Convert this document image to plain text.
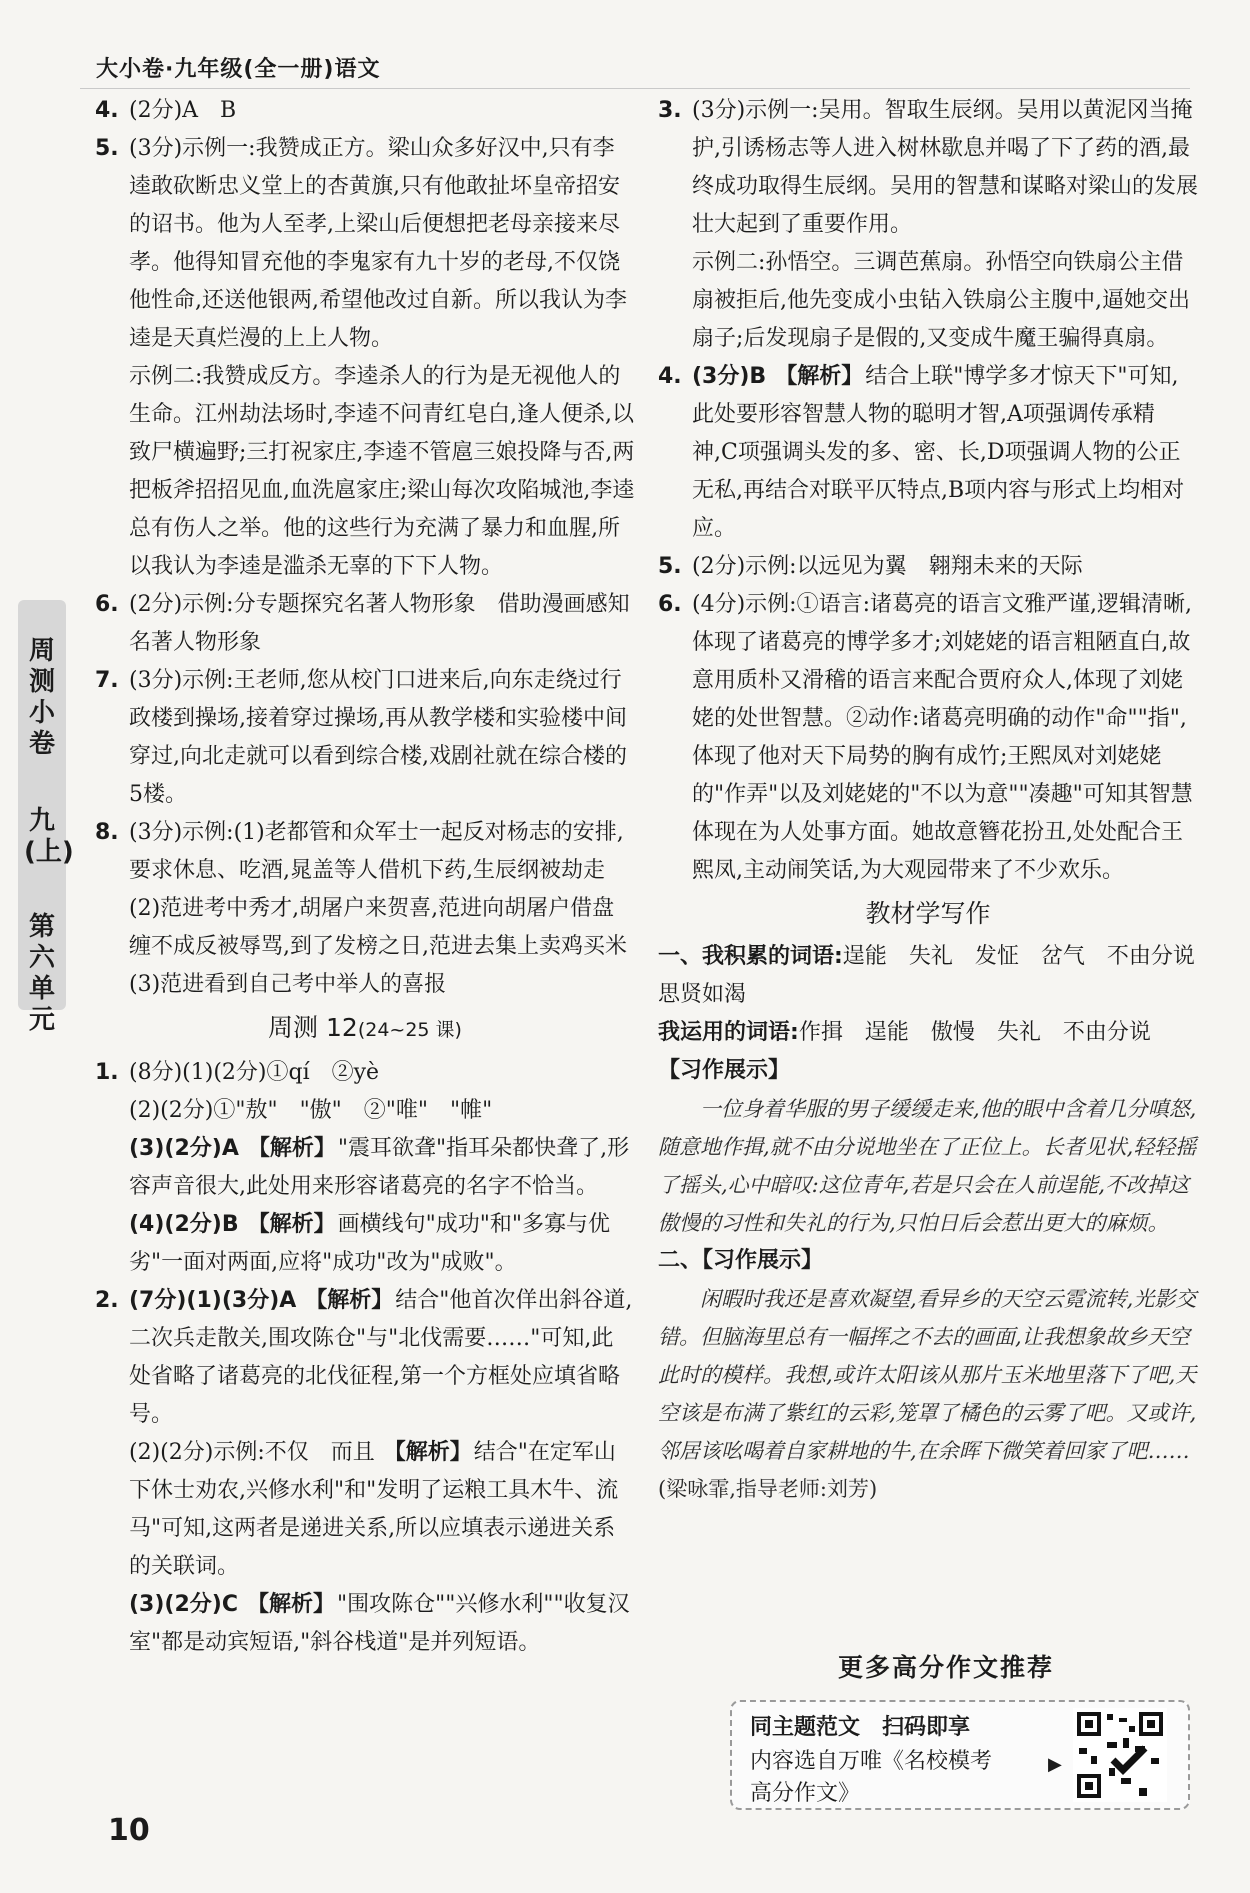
大小卷·九年级(全一册)语文
周测小卷
九(上)
第六单元
4. (2分)A　B
5. (3分)示例一:我赞成正方。梁山众多好汉中,只有李逵敢砍断忠义堂上的杏黄旗,只有他敢扯坏皇帝招安的诏书。他为人至孝,上梁山后便想把老母亲接来尽孝。他得知冒充他的李鬼家有九十岁的老母,不仅饶他性命,还送他银两,希望他改过自新。所以我认为李逵是天真烂漫的上上人物。
示例二:我赞成反方。李逵杀人的行为是无视他人的生命。江州劫法场时,李逵不问青红皂白,逢人便杀,以致尸横遍野;三打祝家庄,李逵不管扈三娘投降与否,两把板斧招招见血,血洗扈家庄;梁山每次攻陷城池,李逵总有伤人之举。他的这些行为充满了暴力和血腥,所以我认为李逵是滥杀无辜的下下人物。
6. (2分)示例:分专题探究名著人物形象　借助漫画感知名著人物形象
7. (3分)示例:王老师,您从校门口进来后,向东走绕过行政楼到操场,接着穿过操场,再从教学楼和实验楼中间穿过,向北走就可以看到综合楼,戏剧社就在综合楼的5楼。
8. (3分)示例:(1)老都管和众军士一起反对杨志的安排,要求休息、吃酒,晁盖等人借机下药,生辰纲被劫走　(2)范进考中秀才,胡屠户来贺喜,范进向胡屠户借盘缠不成反被辱骂,到了发榜之日,范进去集上卖鸡买米　(3)范进看到自己考中举人的喜报
周测 12(24~25 课)
1. (8分)(1)(2分)①qí　②yè
(2)(2分)①"敖"　"傲"　②"唯"　"帷"
(3)(2分)A 【解析】"震耳欲聋"指耳朵都快聋了,形容声音很大,此处用来形容诸葛亮的名字不恰当。
(4)(2分)B 【解析】画横线句"成功"和"多寡与优劣"一面对两面,应将"成功"改为"成败"。
2. (7分)(1)(3分)A 【解析】结合"他首次佯出斜谷道,二次兵走散关,围攻陈仓"与"北伐需要……"可知,此处省略了诸葛亮的北伐征程,第一个方框处应填省略号。
(2)(2分)示例:不仅　而且 【解析】结合"在定军山下休士劝农,兴修水利"和"发明了运粮工具木牛、流马"可知,这两者是递进关系,所以应填表示递进关系的关联词。
(3)(2分)C 【解析】"围攻陈仓""兴修水利""收复汉室"都是动宾短语,"斜谷栈道"是并列短语。
3. (3分)示例一:吴用。智取生辰纲。吴用以黄泥冈当掩护,引诱杨志等人进入树林歇息并喝了下了药的酒,最终成功取得生辰纲。吴用的智慧和谋略对梁山的发展壮大起到了重要作用。
示例二:孙悟空。三调芭蕉扇。孙悟空向铁扇公主借扇被拒后,他先变成小虫钻入铁扇公主腹中,逼她交出扇子;后发现扇子是假的,又变成牛魔王骗得真扇。
4. (3分)B 【解析】结合上联"博学多才惊天下"可知,此处要形容智慧人物的聪明才智,A项强调传承精神,C项强调头发的多、密、长,D项强调人物的公正无私,再结合对联平仄特点,B项内容与形式上均相对应。
5. (2分)示例:以远见为翼　翱翔未来的天际
6. (4分)示例:①语言:诸葛亮的语言文雅严谨,逻辑清晰,体现了诸葛亮的博学多才;刘姥姥的语言粗陋直白,故意用质朴又滑稽的语言来配合贾府众人,体现了刘姥姥的处世智慧。②动作:诸葛亮明确的动作"命""指",体现了他对天下局势的胸有成竹;王熙凤对刘姥姥的"作弄"以及刘姥姥的"不以为意""凑趣"可知其智慧体现在为人处事方面。她故意簪花扮丑,处处配合王熙凤,主动闹笑话,为大观园带来了不少欢乐。
教材学写作
一、我积累的词语:逞能　失礼　发怔　岔气　不由分说　思贤如渴
我运用的词语:作揖　逞能　傲慢　失礼　不由分说
【习作展示】
一位身着华服的男子缓缓走来,他的眼中含着几分嗔怒,随意地作揖,就不由分说地坐在了正位上。长者见状,轻轻摇了摇头,心中暗叹:这位青年,若是只会在人前逞能,不改掉这傲慢的习性和失礼的行为,只怕日后会惹出更大的麻烦。
二、【习作展示】
闲暇时我还是喜欢凝望,看异乡的天空云霓流转,光影交错。但脑海里总有一幅挥之不去的画面,让我想象故乡天空此时的模样。我想,或许太阳该从那片玉米地里落下了吧,天空该是布满了紫红的云彩,笼罩了橘色的云雾了吧。又或许,邻居该吆喝着自家耕地的牛,在余晖下微笑着回家了吧……(梁咏霏,指导老师:刘芳)
更多高分作文推荐
同主题范文　扫码即享
内容选自万唯《名校模考
高分作文》
▶
10
